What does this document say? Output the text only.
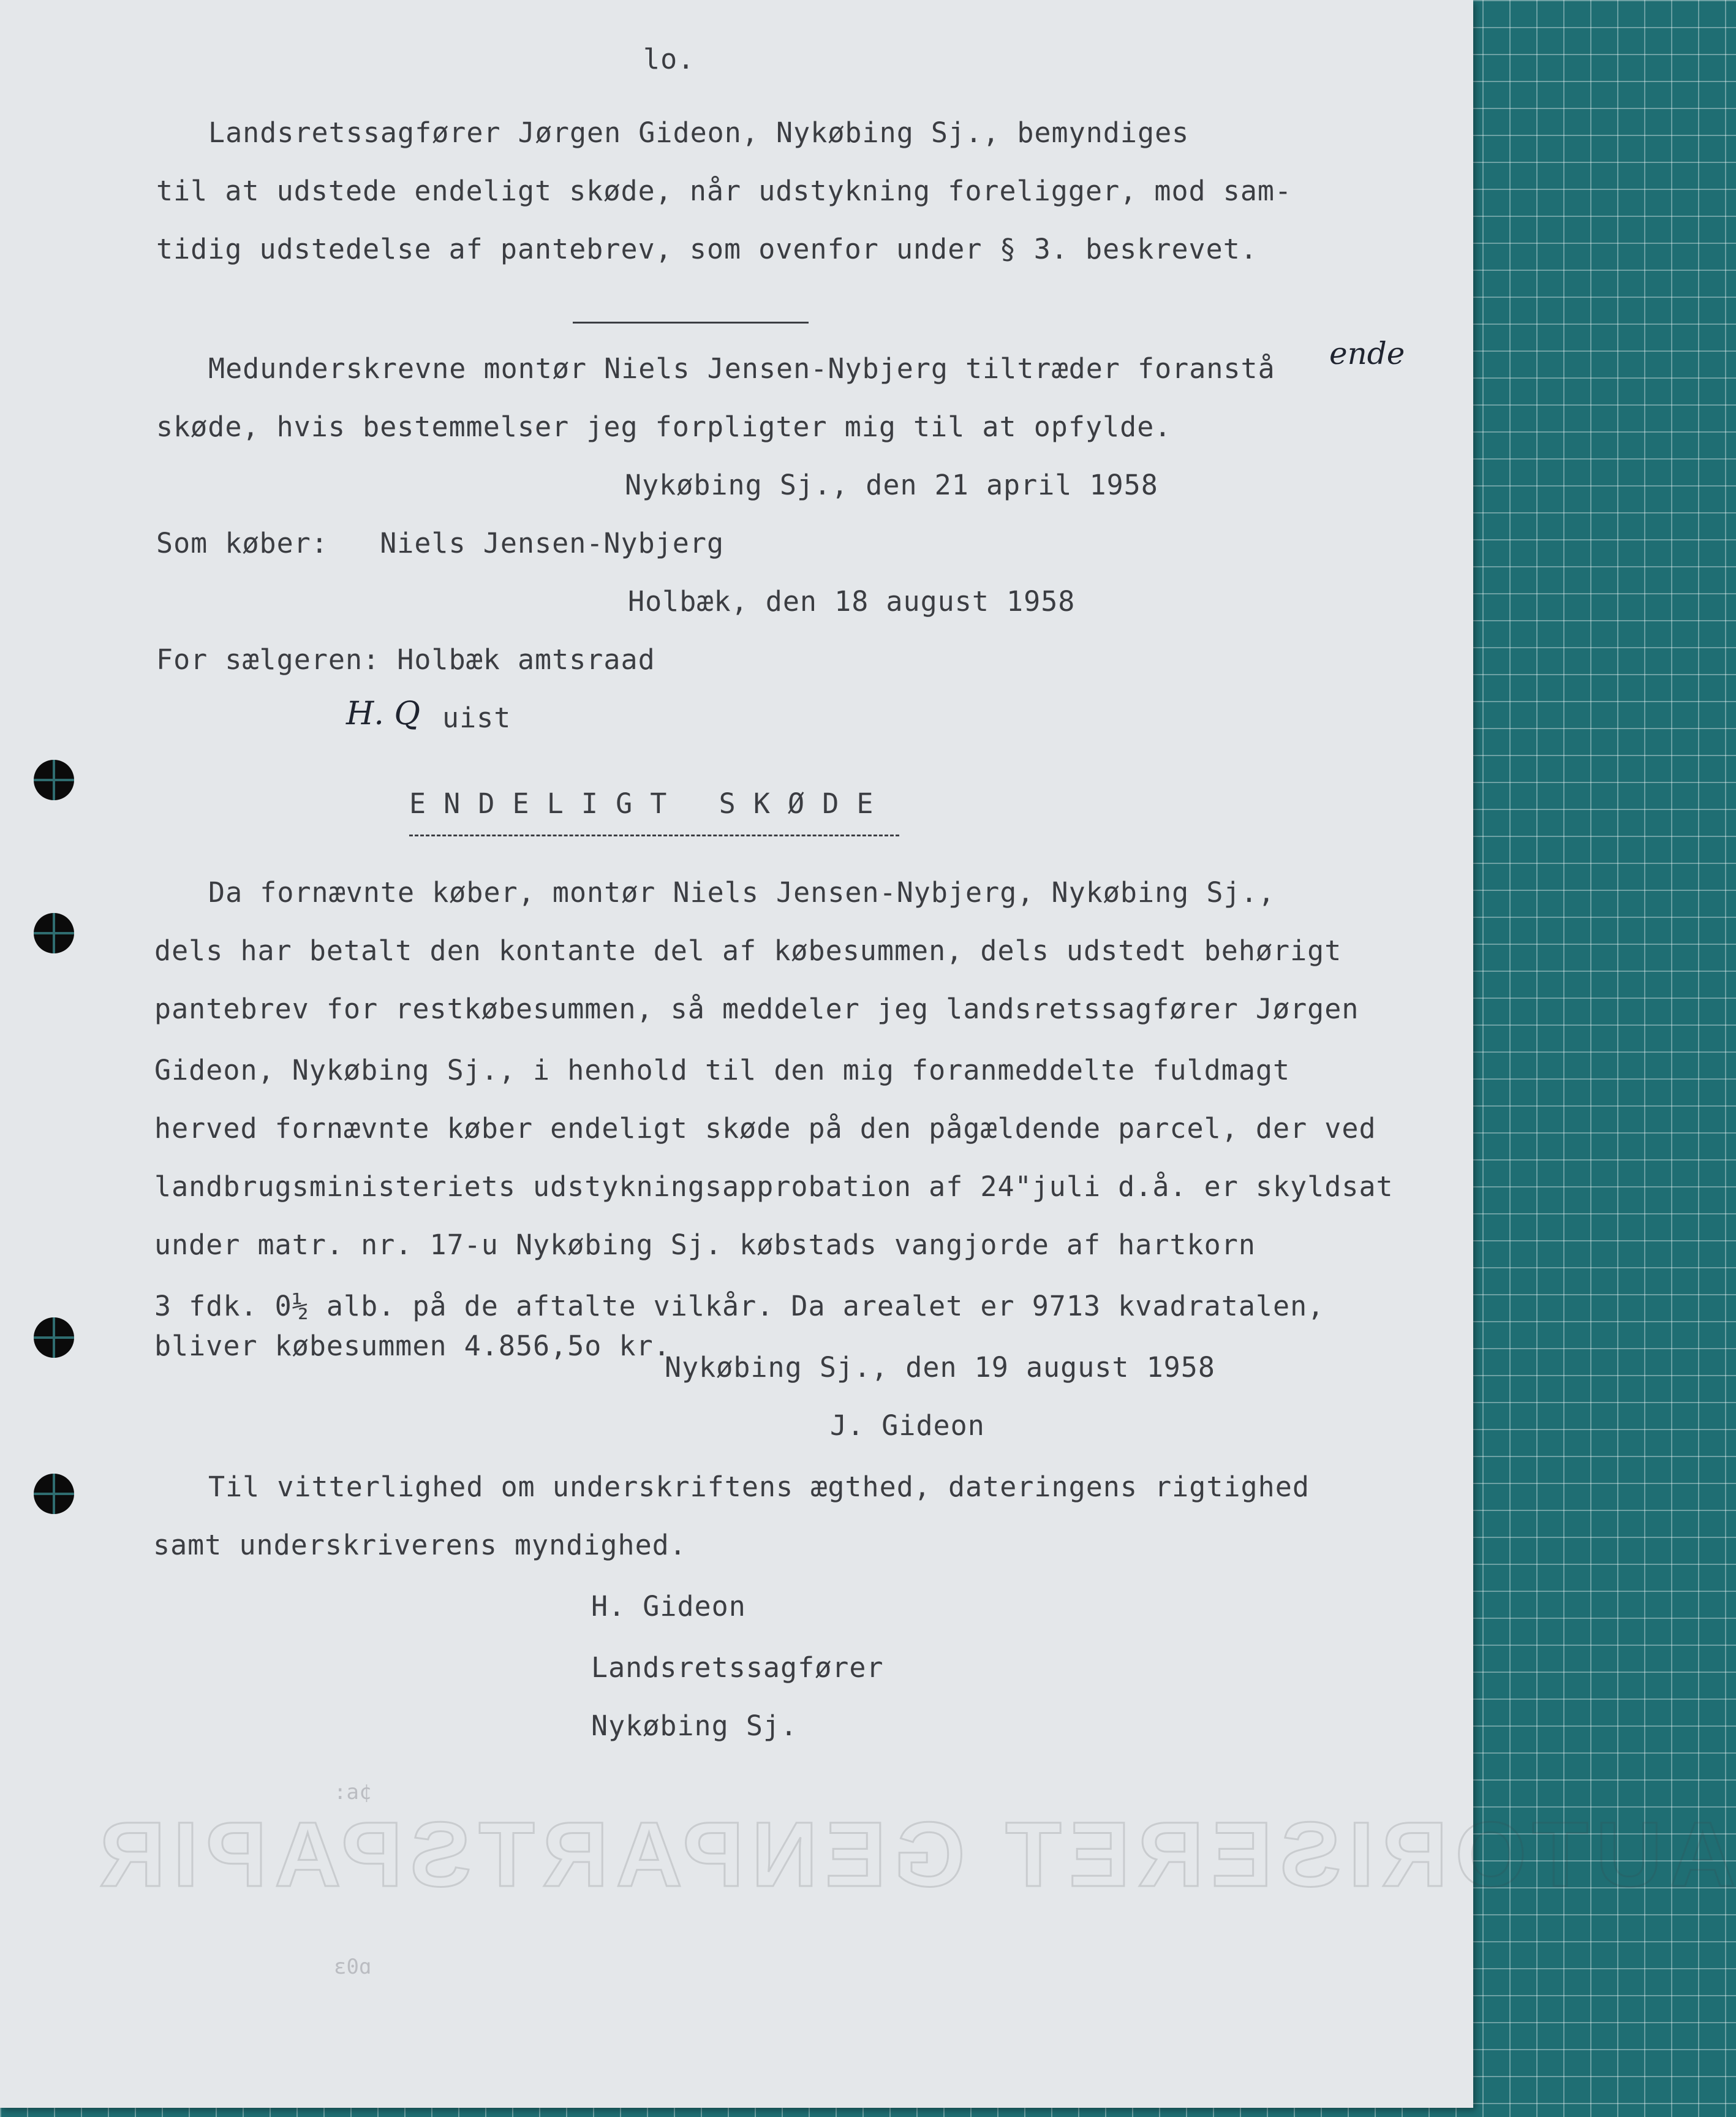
AUTORISERET GENPARTSPAPIR
:a¢
ɛ0ɑ
lo.
Landsretssagfører Jørgen Gideon, Nykøbing Sj., bemyndiges
til at udstede endeligt skøde, når udstykning foreligger, mod sam-
tidig udstedelse af pantebrev, som ovenfor under § 3. beskrevet.
Medunderskrevne montør Niels Jensen-Nybjerg tiltræder foranstå ende
skøde, hvis bestemmelser jeg forpligter mig til at opfylde.
Nykøbing Sj., den 21 april 1958
Som køber:   Niels Jensen-Nybjerg
Holbæk, den 18 august 1958
For sælgeren: Holbæk amtsraad
H. Q uist
E N D E L I G T   S K Ø D E
Da fornævnte køber, montør Niels Jensen-Nybjerg, Nykøbing Sj.,
dels har betalt den kontante del af købesummen, dels udstedt behørigt
pantebrev for restkøbesummen, så meddeler jeg landsretssagfører Jørgen
Gideon, Nykøbing Sj., i henhold til den mig foranmeddelte fuldmagt
herved fornævnte køber endeligt skøde på den pågældende parcel, der ved
landbrugsministeriets udstykningsapprobation af 24"juli d.å. er skyldsat
under matr. nr. 17-u Nykøbing Sj. købstads vangjorde af hartkorn
3 fdk. 0½ alb. på de aftalte vilkår. Da arealet er 9713 kvadratalen,
bliver købesummen 4.856,5o kr.
Nykøbing Sj., den 19 august 1958
J. Gideon
Til vitterlighed om underskriftens ægthed, dateringens rigtighed
samt underskriverens myndighed.
H. Gideon
Landsretssagfører
Nykøbing Sj.
